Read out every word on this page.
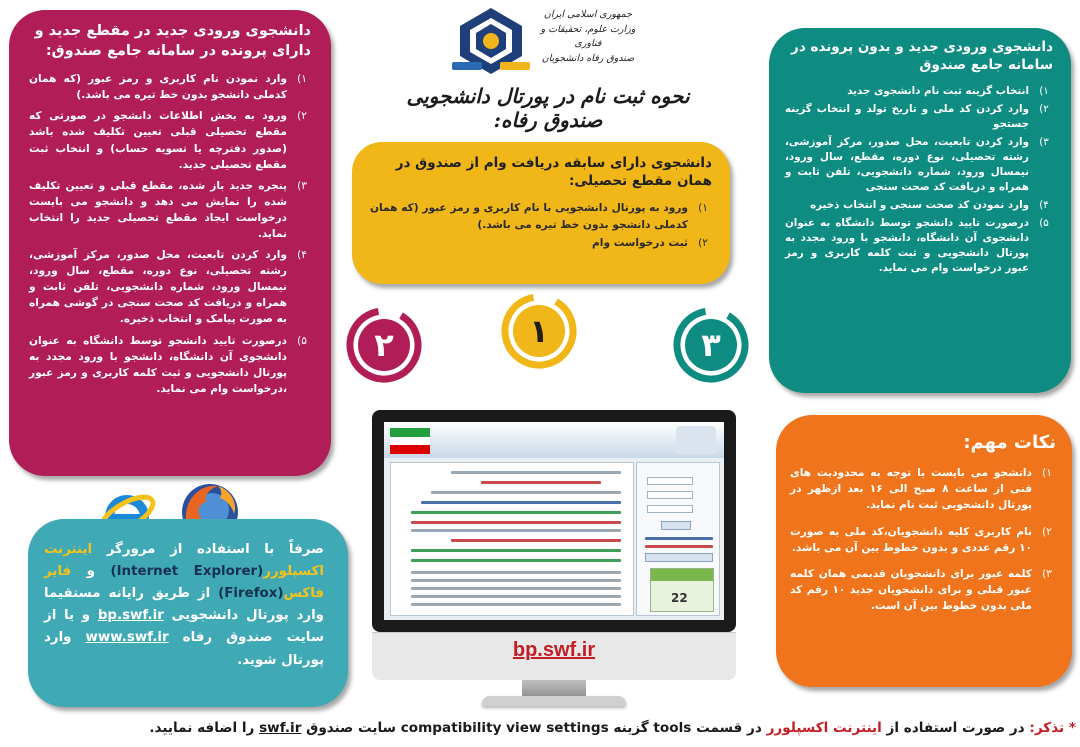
جمهوری اسلامی ایران
وزارت علوم، تحقیقات و فناوری
صندوق رفاه دانشجویان
نحوه ثبت نام در پورتال دانشجویی صندوق رفاه:
دانشجوی ورودی جدید در مقطع جدید و دارای پرونده در سامانه جامع صندوق:
۱)
وارد نمودن نام کاربری و رمز عبور (که همان کدملی دانشجو بدون خط تیره می باشد.)
۲)
ورود به بخش اطلاعات دانشجو در صورتی که مقطع تحصیلی قبلی تعیین تکلیف شده باشد (صدور دفترچه یا تسویه حساب) و انتخاب ثبت مقطع تحصیلی جدید.
۳)
پنجره جدید باز شده، مقطع قبلی و تعیین تکلیف شده را نمایش می دهد و دانشجو می بایست درخواست ایجاد مقطع تحصیلی جدید را انتخاب نماید.
۴)
وارد کردن تابعیت، محل صدور، مرکز آموزشی، رشته تحصیلی، نوع دوره، مقطع، سال ورود، نیمسال ورود، شماره دانشجویی، تلفن ثابت و همراه و دریافت کد صحت سنجی در گوشی همراه به صورت پیامک و انتخاب ذخیره.
۵)
درصورت تایید دانشجو توسط دانشگاه به عنوان دانشجوی آن دانشگاه، دانشجو با ورود مجدد به پورتال دانشجویی و ثبت کلمه کاربری و رمز عبور ،درخواست وام می نماید.
دانشجوی دارای سابقه دریافت وام از صندوق در همان مقطع تحصیلی:
۱)
ورود به پورتال دانشجویی با نام کاربری و رمز عبور (که همان کدملی دانشجو بدون خط تیره می باشد.)
۲)
ثبت درخواست وام
دانشجوی ورودی جدید و بدون پرونده در سامانه جامع صندوق
۱)
انتخاب گزینه ثبت نام دانشجوی جدید
۲)
وارد کردن کد ملی و تاریخ تولد و انتخاب گزینه جستجو
۳)
وارد کردن تابعیت، محل صدور، مرکز آموزشی، رشته تحصیلی، نوع دوره، مقطع، سال ورود، نیمسال ورود، شماره دانشجویی، تلفن ثابت و همراه و دریافت کد صحت سنجی
۴)
وارد نمودن کد صحت سنجی و انتخاب ذخیره
۵)
درصورت تایید دانشجو توسط دانشگاه به عنوان دانشجوی آن دانشگاه، دانشجو با ورود مجدد به پورتال دانشجویی و ثبت کلمه کاربری و رمز عبور درخواست وام می نماید.
۲	۱	۳
22
bp.swf.ir
نکات مهم:
۱)
دانشجو می بایست با توجه به محدودیت های فنی از ساعت ۸ صبح الی ۱۶ بعد ازظهر در پورتال دانشجویی ثبت نام نماید.
۲)
نام کاربری کلیه دانشجویان،کد ملی به صورت ۱۰ رقم عددی و بدون خطوط بین آن می باشد.
۳)
کلمه عبور برای دانشجویان قدیمی همان کلمه عبور قبلی و برای دانشجویان جدید ۱۰ رقم کد ملی بدون خطوط بین آن است.

صرفاً با استفاده از مرورگر اینترنت اکسپلورر(Internet Explorer) و فایر فاکس(Firefox) از طریق رایانه مستقیما وارد پورتال دانشجویی bp.swf.ir و یا از سایت صندوق رفاه www.swf.ir وارد پورتال شوید.

* تذکر: در صورت استفاده از اینترنت اکسپلورر در قسمت tools گزینه compatibility view settings سایت صندوق swf.ir را اضافه نمایید.
